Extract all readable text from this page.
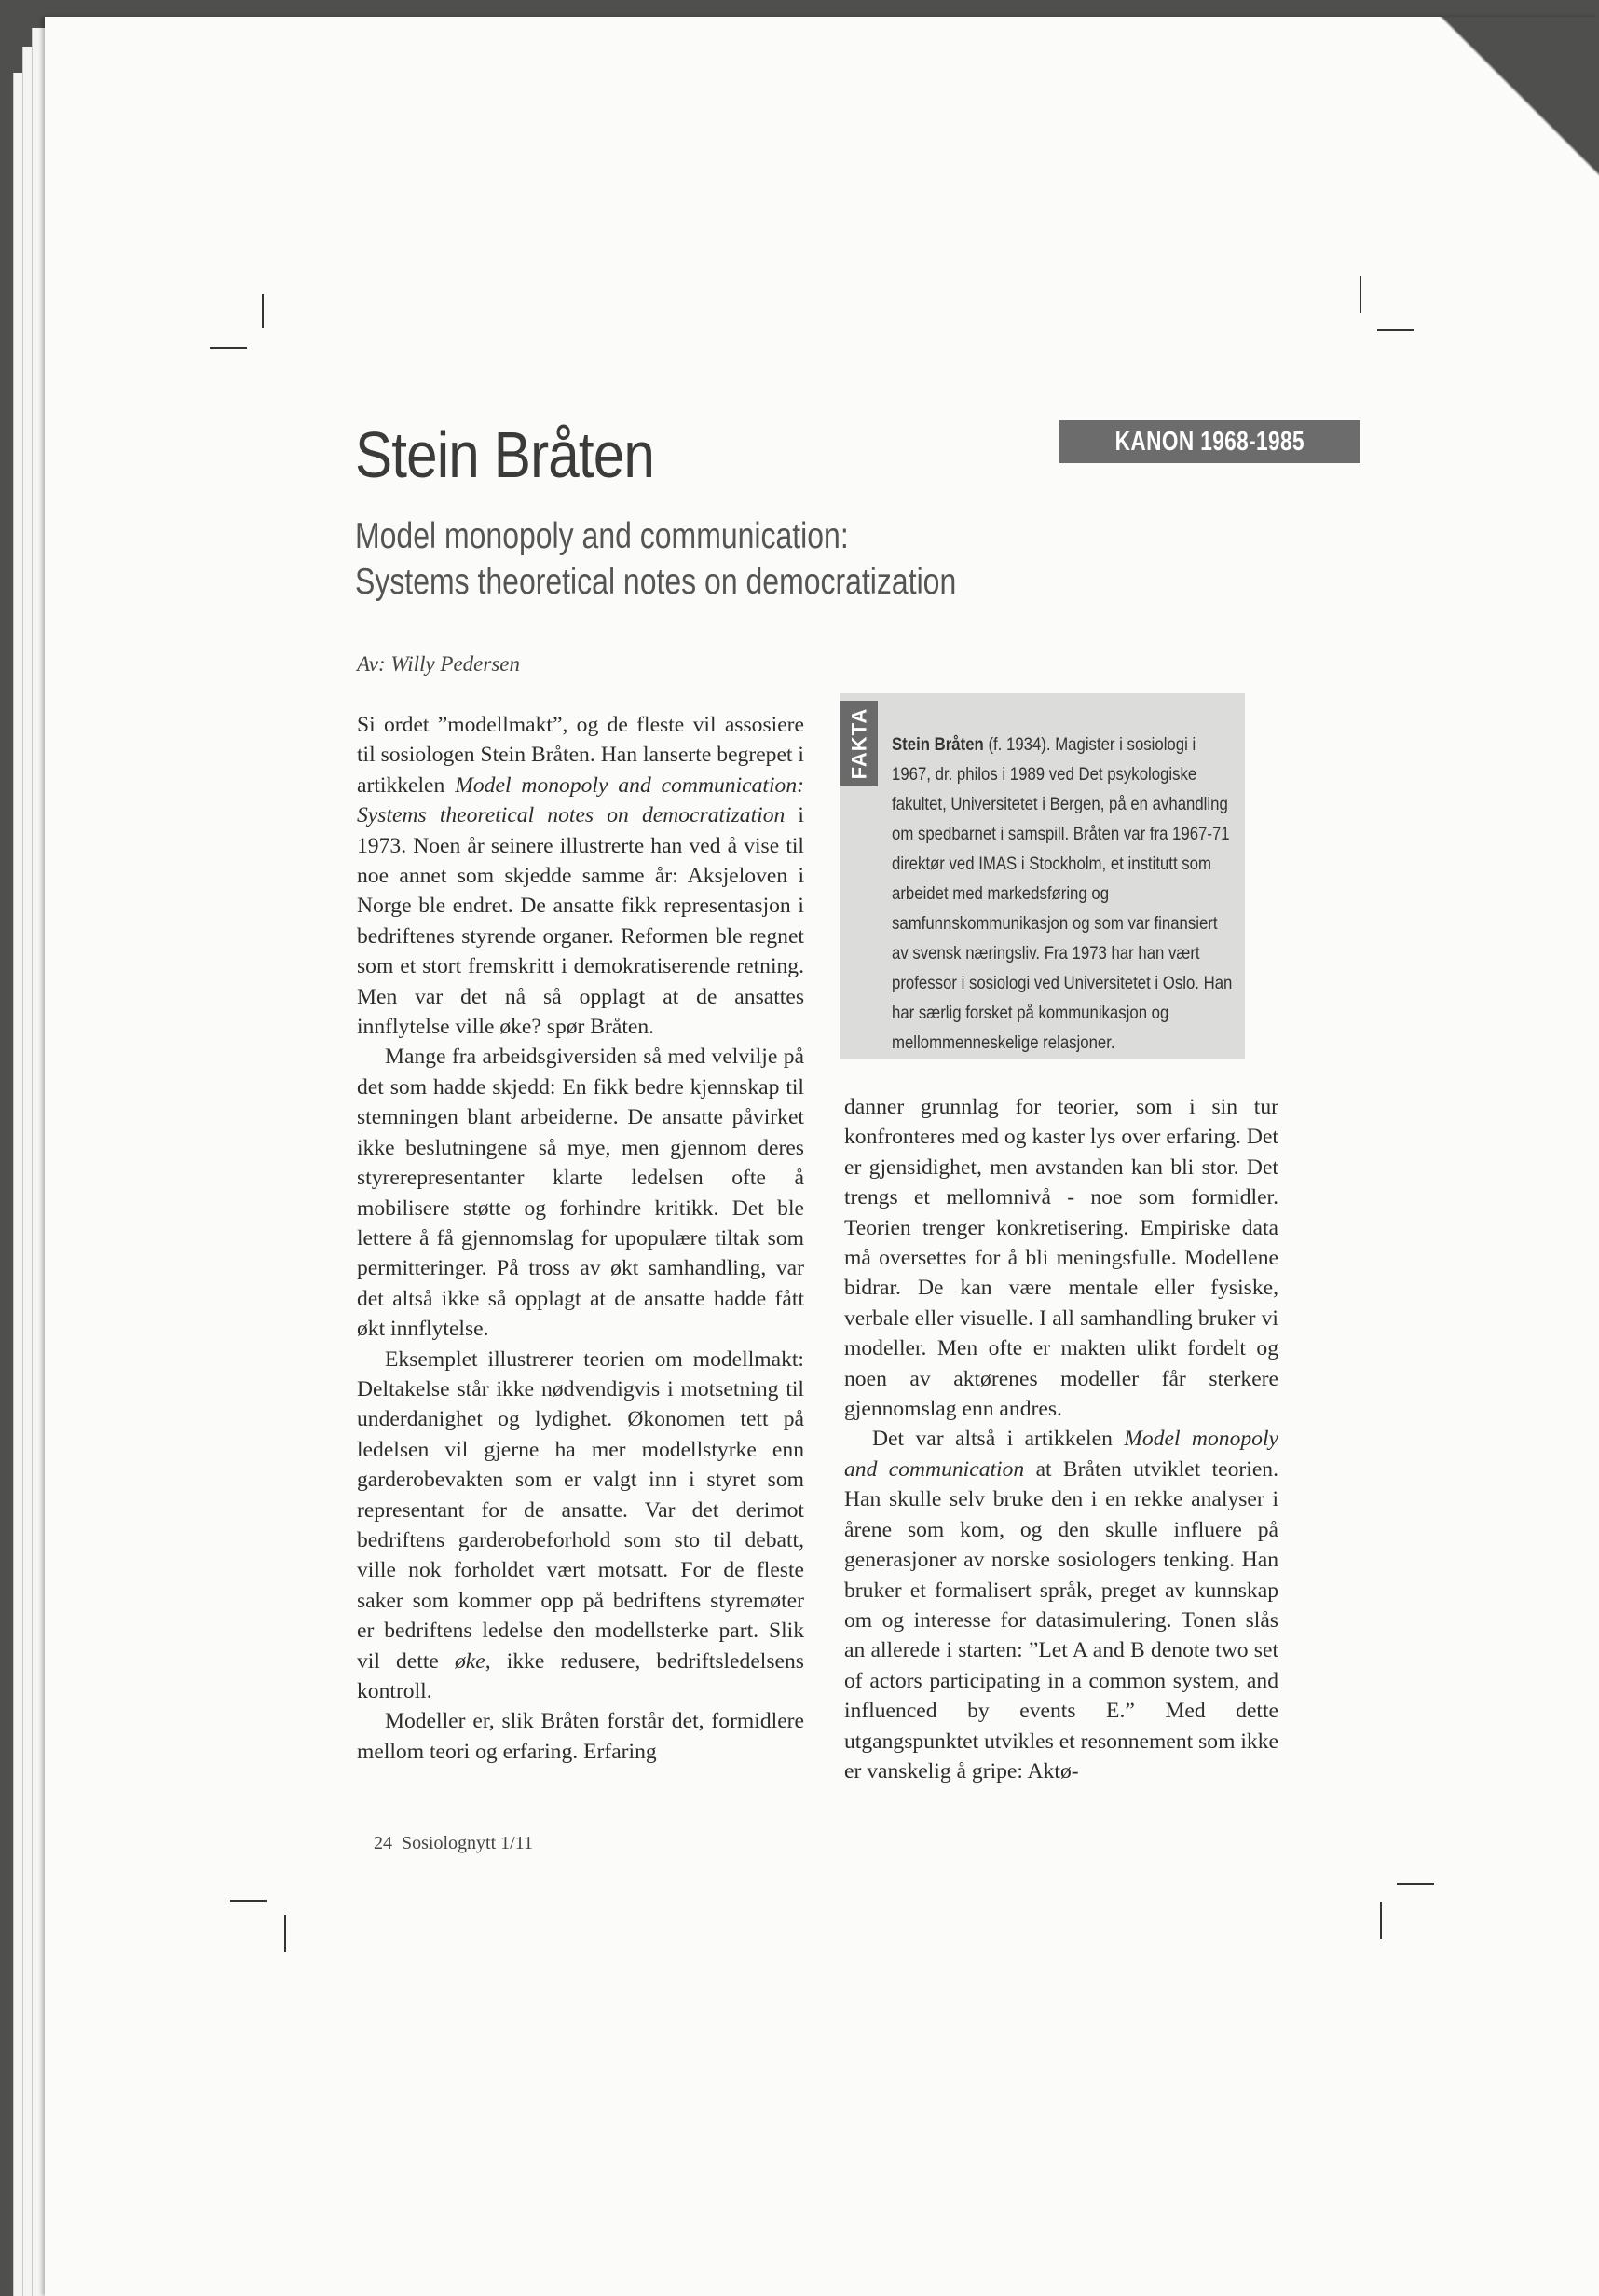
Stein Bråten
Model monopoly and communication:
Systems theoretical notes on democratization
KANON 1968-1985
Av: Willy Pedersen

Si ordet ”modellmakt”, og de fleste vil assosiere til sosiologen Stein Bråten. Han lanserte begrepet i artikkelen Model monopoly and communication: Systems theoretical notes on democratization i 1973. Noen år seinere illustrerte han ved å vise til noe annet som skjedde samme år: Aksjeloven i Norge ble endret. De ansatte fikk representasjon i bedriftenes styrende organer. Reformen ble regnet som et stort fremskritt i demokratiserende retning. Men var det nå så opplagt at de ansattes innflytelse ville øke? spør Bråten.

Mange fra arbeidsgiversiden så med velvilje på det som hadde skjedd: En fikk bedre kjennskap til stemningen blant arbeiderne. De ansatte påvirket ikke beslutningene så mye, men gjennom deres styrerepresentanter klarte ledelsen ofte å mobilisere støtte og forhindre kritikk. Det ble lettere å få gjennomslag for upopulære tiltak som permitteringer. På tross av økt samhandling, var det altså ikke så opplagt at de ansatte hadde fått økt innflytelse.

Eksemplet illustrerer teorien om modellmakt: Deltakelse står ikke nødvendigvis i motsetning til underdanighet og lydighet. Økonomen tett på ledelsen vil gjerne ha mer modellstyrke enn garderobevakten som er valgt inn i styret som representant for de ansatte. Var det derimot bedriftens garderobeforhold som sto til debatt, ville nok forholdet vært motsatt. For de fleste saker som kommer opp på bedriftens styremøter er bedriftens ledelse den modellsterke part. Slik vil dette øke, ikke redusere, bedriftsledelsens kontroll.

Modeller er, slik Bråten forstår det, formidlere mellom teori og erfaring. Erfaring

FAKTA Stein Bråten (f. 1934). Magister i sosiologi i 1967, dr. philos i 1989 ved Det psykologiske fakultet, Universitetet i Bergen, på en avhandling om spedbarnet i samspill. Bråten var fra 1967-71 direktør ved IMAS i Stockholm, et institutt som arbeidet med markedsføring og samfunnskommunikasjon og som var finansiert av svensk næringsliv. Fra 1973 har han vært professor i sosiologi ved Universitetet i Oslo. Han har særlig forsket på kommunikasjon og mellommenneskelige relasjoner.

danner grunnlag for teorier, som i sin tur konfronteres med og kaster lys over erfaring. Det er gjensidighet, men avstanden kan bli stor. Det trengs et mellomnivå - noe som formidler. Teorien trenger konkretisering. Empiriske data må oversettes for å bli meningsfulle. Modellene bidrar. De kan være mentale eller fysiske, verbale eller visuelle. I all samhandling bruker vi modeller. Men ofte er makten ulikt fordelt og noen av aktørenes modeller får sterkere gjennomslag enn andres.

Det var altså i artikkelen Model monopoly and communication at Bråten utviklet teorien. Han skulle selv bruke den i en rekke analyser i årene som kom, og den skulle influere på generasjoner av norske sosiologers tenking. Han bruker et formalisert språk, preget av kunnskap om og interesse for datasimulering. Tonen slås an allerede i starten: ”Let A and B denote two set of actors participating in a common system, and influenced by events E.” Med dette utgangspunktet utvikles et resonnement som ikke er vanskelig å gripe: Aktø-

24 Sosiolognytt 1/11
